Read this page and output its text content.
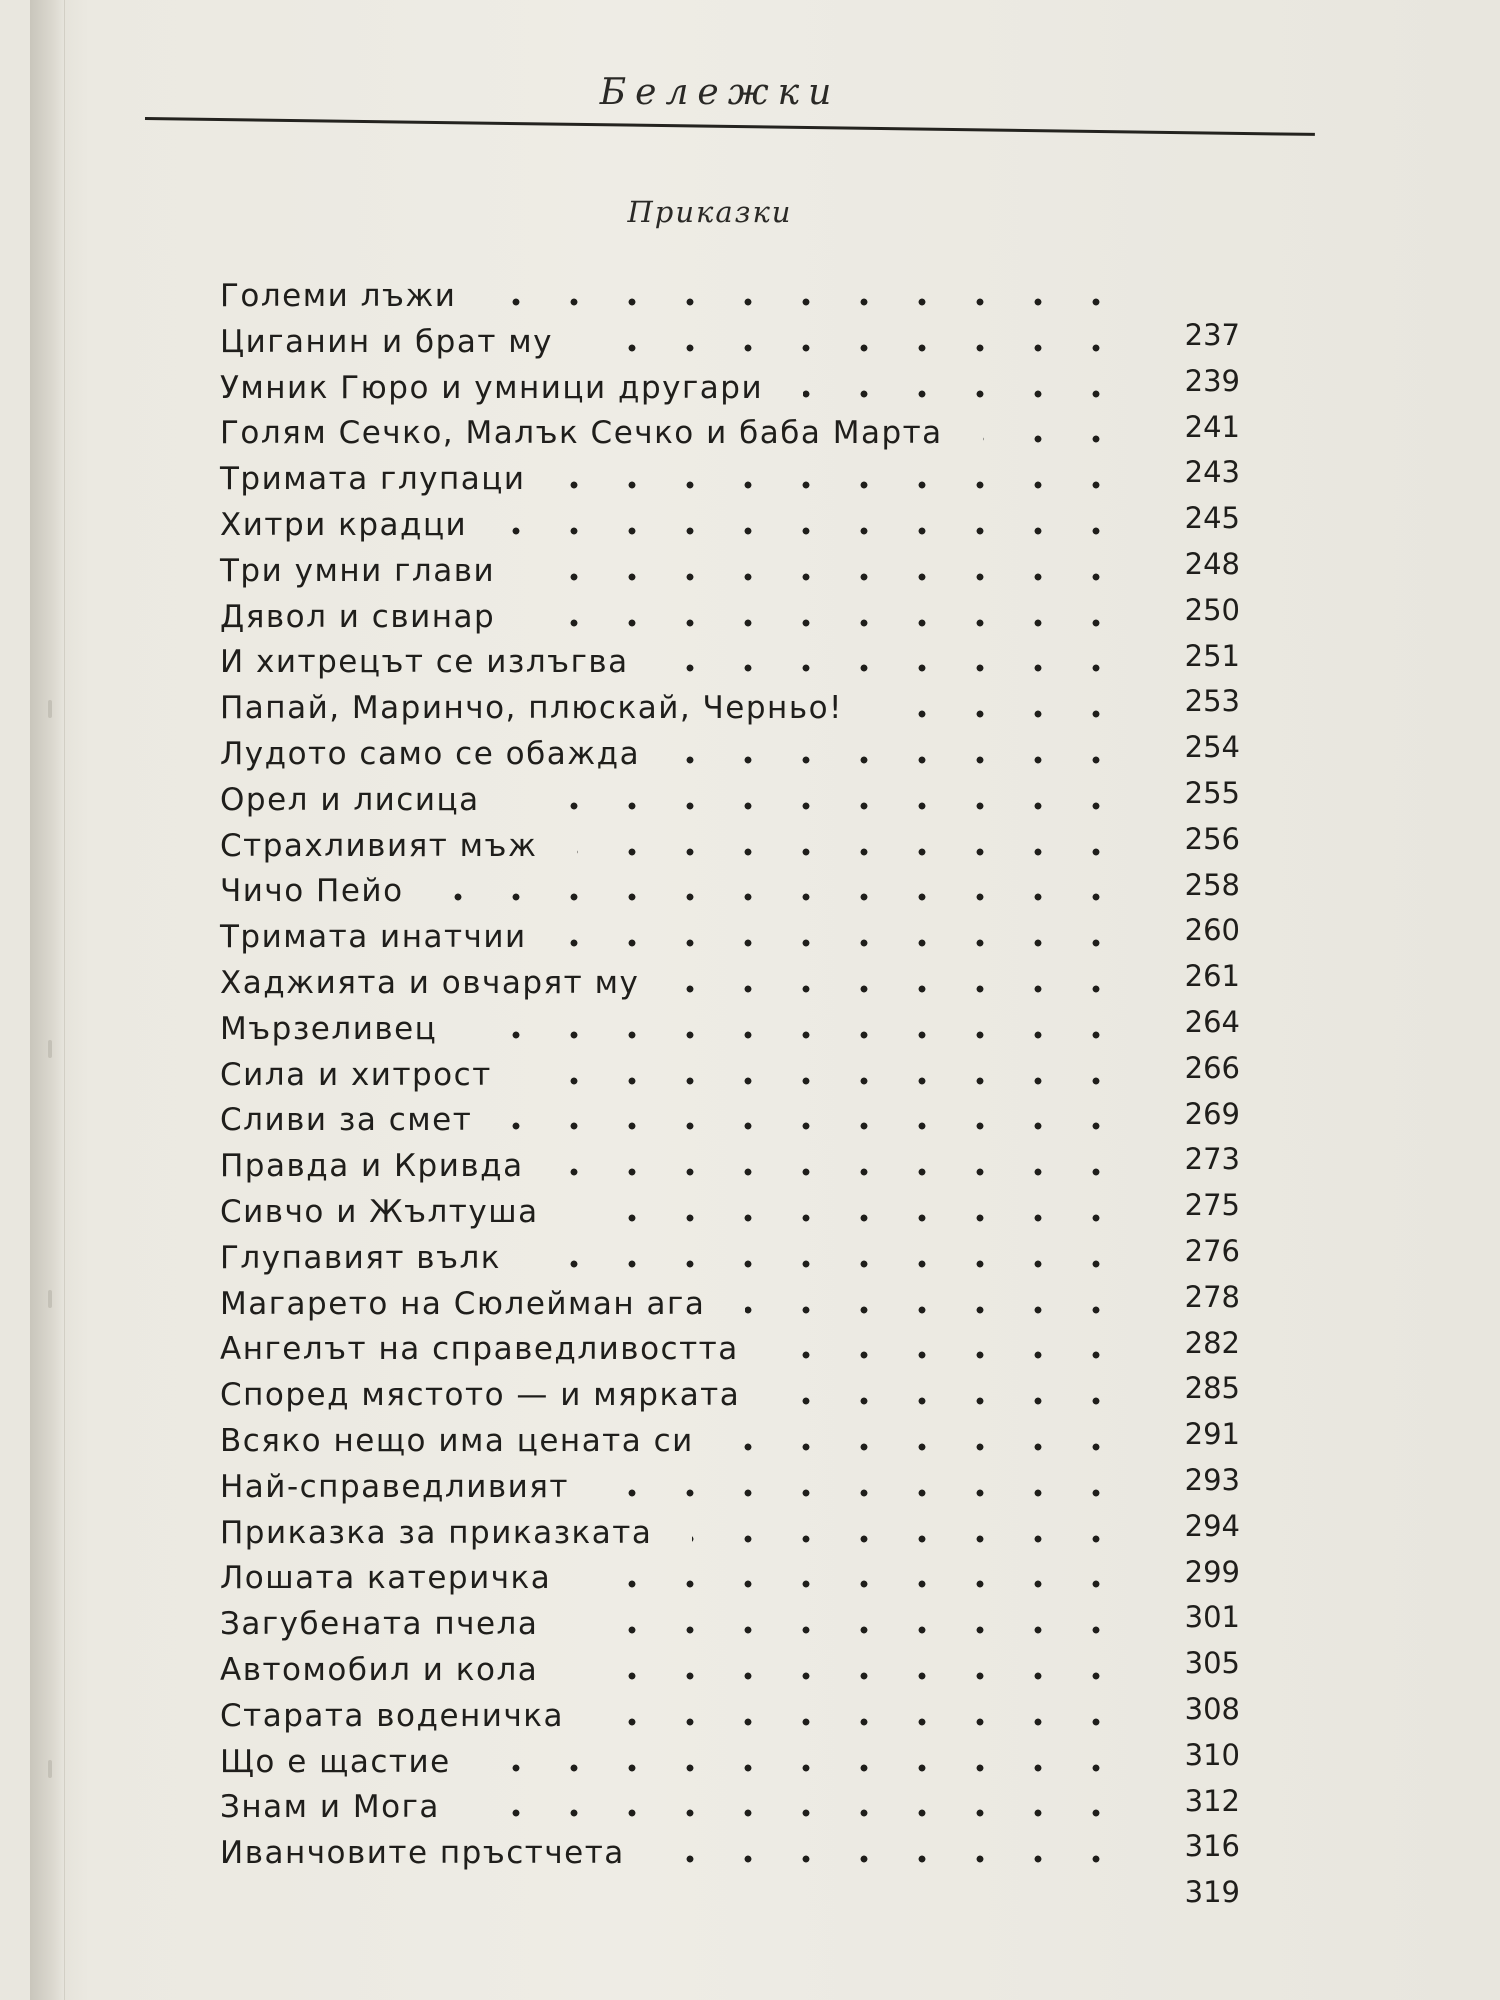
Бележки
Приказки
Големи лъжи
237
Циганин и брат му
239
Умник Гюро и умници другари
241
Голям Сечко, Малък Сечко и баба Марта
243
Тримата глупаци
245
Хитри крадци
248
Три умни глави
250
Дявол и свинар
251
И хитрецът се излъгва
253
Папай, Маринчо, плюскай, Черньо!
254
Лудото само се обажда
255
Орел и лисица
256
Страхливият мъж
258
Чичо Пейо
260
Тримата инатчии
261
Хаджията и овчарят му
264
Мързеливец
266
Сила и хитрост
269
Сливи за смет
273
Правда и Кривда
275
Сивчо и Жълтуша
276
Глупавият вълк
278
Магарето на Сюлейман ага
282
Ангелът на справедливостта
285
Според мястото — и мярката
291
Всяко нещо има цената си
293
Най-справедливият
294
Приказка за приказката
299
Лошата катеричка
301
Загубената пчела
305
Автомобил и кола
308
Старата воденичка
310
Що е щастие
312
Знам и Мога
316
Иванчовите пръстчета
319
